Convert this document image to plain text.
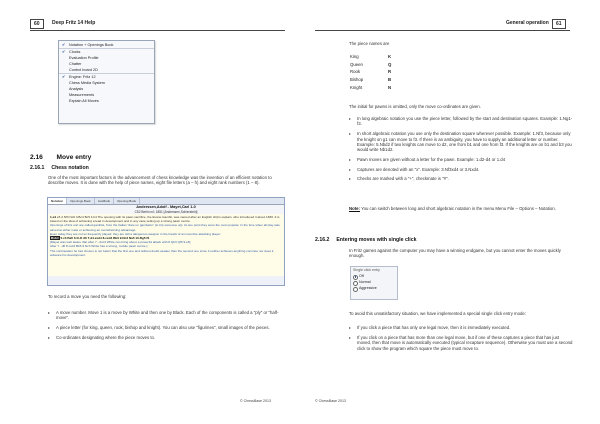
60	Deep Fritz 14 Help
✔ Notation + Openings Book
✔ Clocks
Evaluation Profile
Chatter
Control board 2D
✔ Engine: Fritz 12
Chess Media System
Analysis
Measurements
Explain All Moves
2.16 Move entry
2.16.1 Chess notation
One of the most important factors in the advancement of chess knowledge was the invention of an efficient notation to describe moves. It is done with the help of piece names, eight file letters (a – h) and eight rank numbers (1 – 8).
Notation Openings Book LiveBook Opening Book
Anderssen,Adolf - Mayet,Carl 1-0
C52 Berlin m1 1851 [Anderssen,Schiersteld]
1.e4 e5 2.Nf3 Nc6 3.Bc4 Bc5 4.b4 The opening with its pawn sacrifice, the Evans-Gambit, was named after an English ship's captain, who introduced it about 1830. It is based on the idea of achieving a lead in development and in any case setting up a strong pawn centre.
Openings of this sort are called gambits, from the Italian "dare un gambetto" (to trip someone up). At one point they were the most popular. In the time when all play was aimed at either mate or achieving an overwhelming advantage.
Even today they are not so frequently played; they are still a dangerous weapon in the hands of an inventive attacking player.
Bxb4 5.c3 Ba5 6.O-O d6 7.d4 exd4 8.cxd4 Bb6 9.Nc3 Na5 10.Bg5 f6
[Mayet was well aware that after 7...dxc3 White can bring about a powerful attack with 8.Qb3 Qf6 9.e5]
After 7...d6 8.cxd4 Bb6 9.Nc3 White has a strong, mobile pawn centre.]
The continuation he has chosen is not better that the first one and without doubt weaker than the second one since it neither achieves anything concrete nor does it advance his development.
To record a move you need the following:
▸ A move number. Move 1 is a move by White and then one by Black. Each of the components is called a "ply" or "half-move".
▸ A piece letter (for king, queen, rook, bishop and knight). You can also use "figurines", small images of the pieces.
▸ Co-ordinates designating where the piece moves to.
© ChessBase 2013
General operation	61
The piece names are
King	K
Queen	Q
Rook	R
Bishop	B
Knight	N
The initial for pawns is omitted, only the move co-ordinates are given.
▸ In long algebraic notation you use the piece letter, followed by the start and destination squares. Example: 1.Ng1-f3.
▸ In short algebraic notation you use only the destination square wherever possible. Example: 1.Nf3, because only the knight on g1 can move to f3. If there is an ambiguity, you have to supply an additional letter or number. Example: 5.Nbd2 if two knights can move to d2, one from b1 and one from f3. If the knights are on b1 and b3 you would write Nb1d2.
▸ Pawn moves are given without a letter for the pawn. Example: 1.d2-d4 or 1.d4
▸ Captures are denoted with an "x". Example: 3.Nf3xd4 or 3.Nxd4.
▸ Checks are marked with a "+", checkmate is "#".
Note: You can switch between long and short algebraic notation in the menu Menu File – Options – Notation.
2.16.2 Entering moves with single click
In Fritz games against the computer you may have a winning endgame, but you cannot enter the moves quickly enough.
Single click entry
Off
Normal
Aggressive
To avoid this unsatisfactory situation, we have implemented a special single click entry mode:
▸ If you click a piece that has only one legal move, then it is immediately executed.
▸ If you click on a piece that has more than one legal move, but if one of these captures a piece that has just moved, then that move is automatically executed (typical recapture sequence). Otherwise you must use a second click to show the program which square the piece must move to.
© ChessBase 2013
